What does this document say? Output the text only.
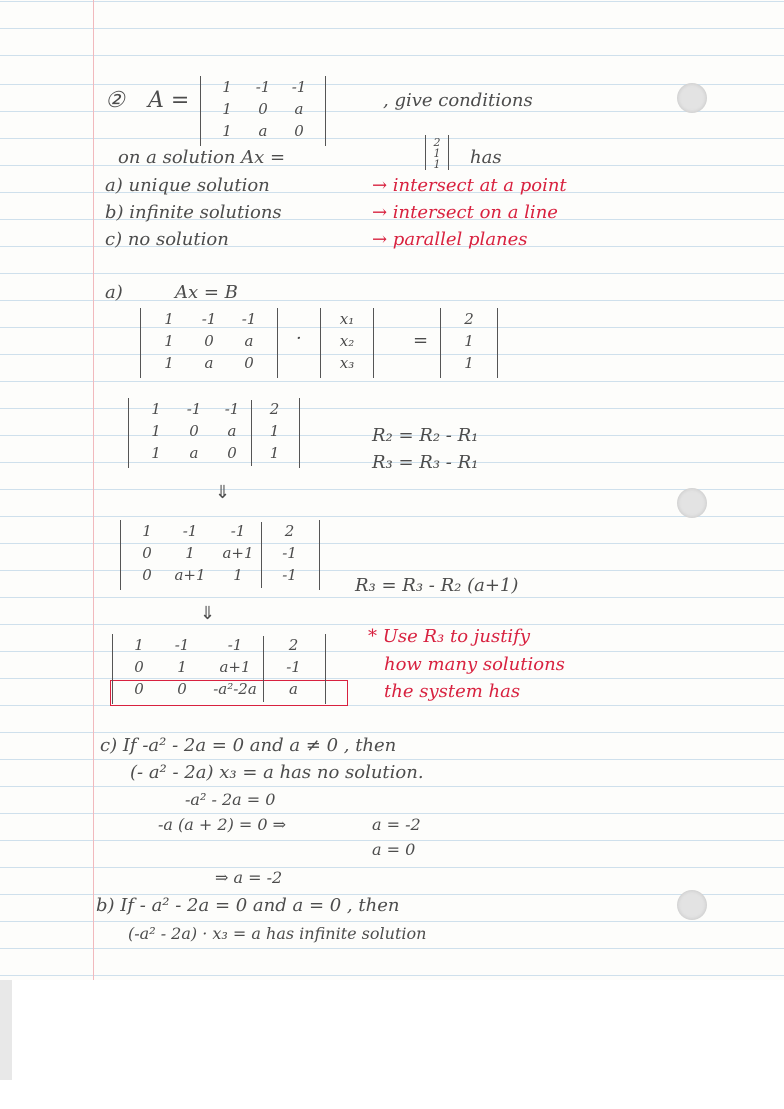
② A =
1	-1	-1
1	0	a
1	a	0
, give conditions
on a solution Ax =
2
1
1 has
a) unique solution	→ intersect at a point
b) infinite solutions	→ intersect on a line
c) no solution	→ parallel planes
a)	Ax = B
1	-1	-1
1	0	a
1	a	0
·
x₁
x₂
x₃
=
2
1
1
1	-1	-1	2
1	0	a	1
1	a	0	1
R₂ = R₂ - R₁
R₃ = R₃ - R₁
⇓
1	-1	-1	2
0	1	a+1	-1
0	a+1	1	-1	R₃ = R₃ - R₂ (a+1)
⇓
1	-1	-1	2
0	1	a+1	-1
0	0	-a²-2a	a
* Use R₃ to justify
how many solutions
the system has
c) If -a² - 2a = 0 and a ≠ 0 , then
(- a² - 2a) x₃ = a has no solution.
-a² - 2a = 0
-a (a + 2) = 0 ⇒	a = -2
a = 0
⇒ a = -2
b) If - a² - 2a = 0 and a = 0 , then
(-a² - 2a) · x₃ = a has infinite solution
